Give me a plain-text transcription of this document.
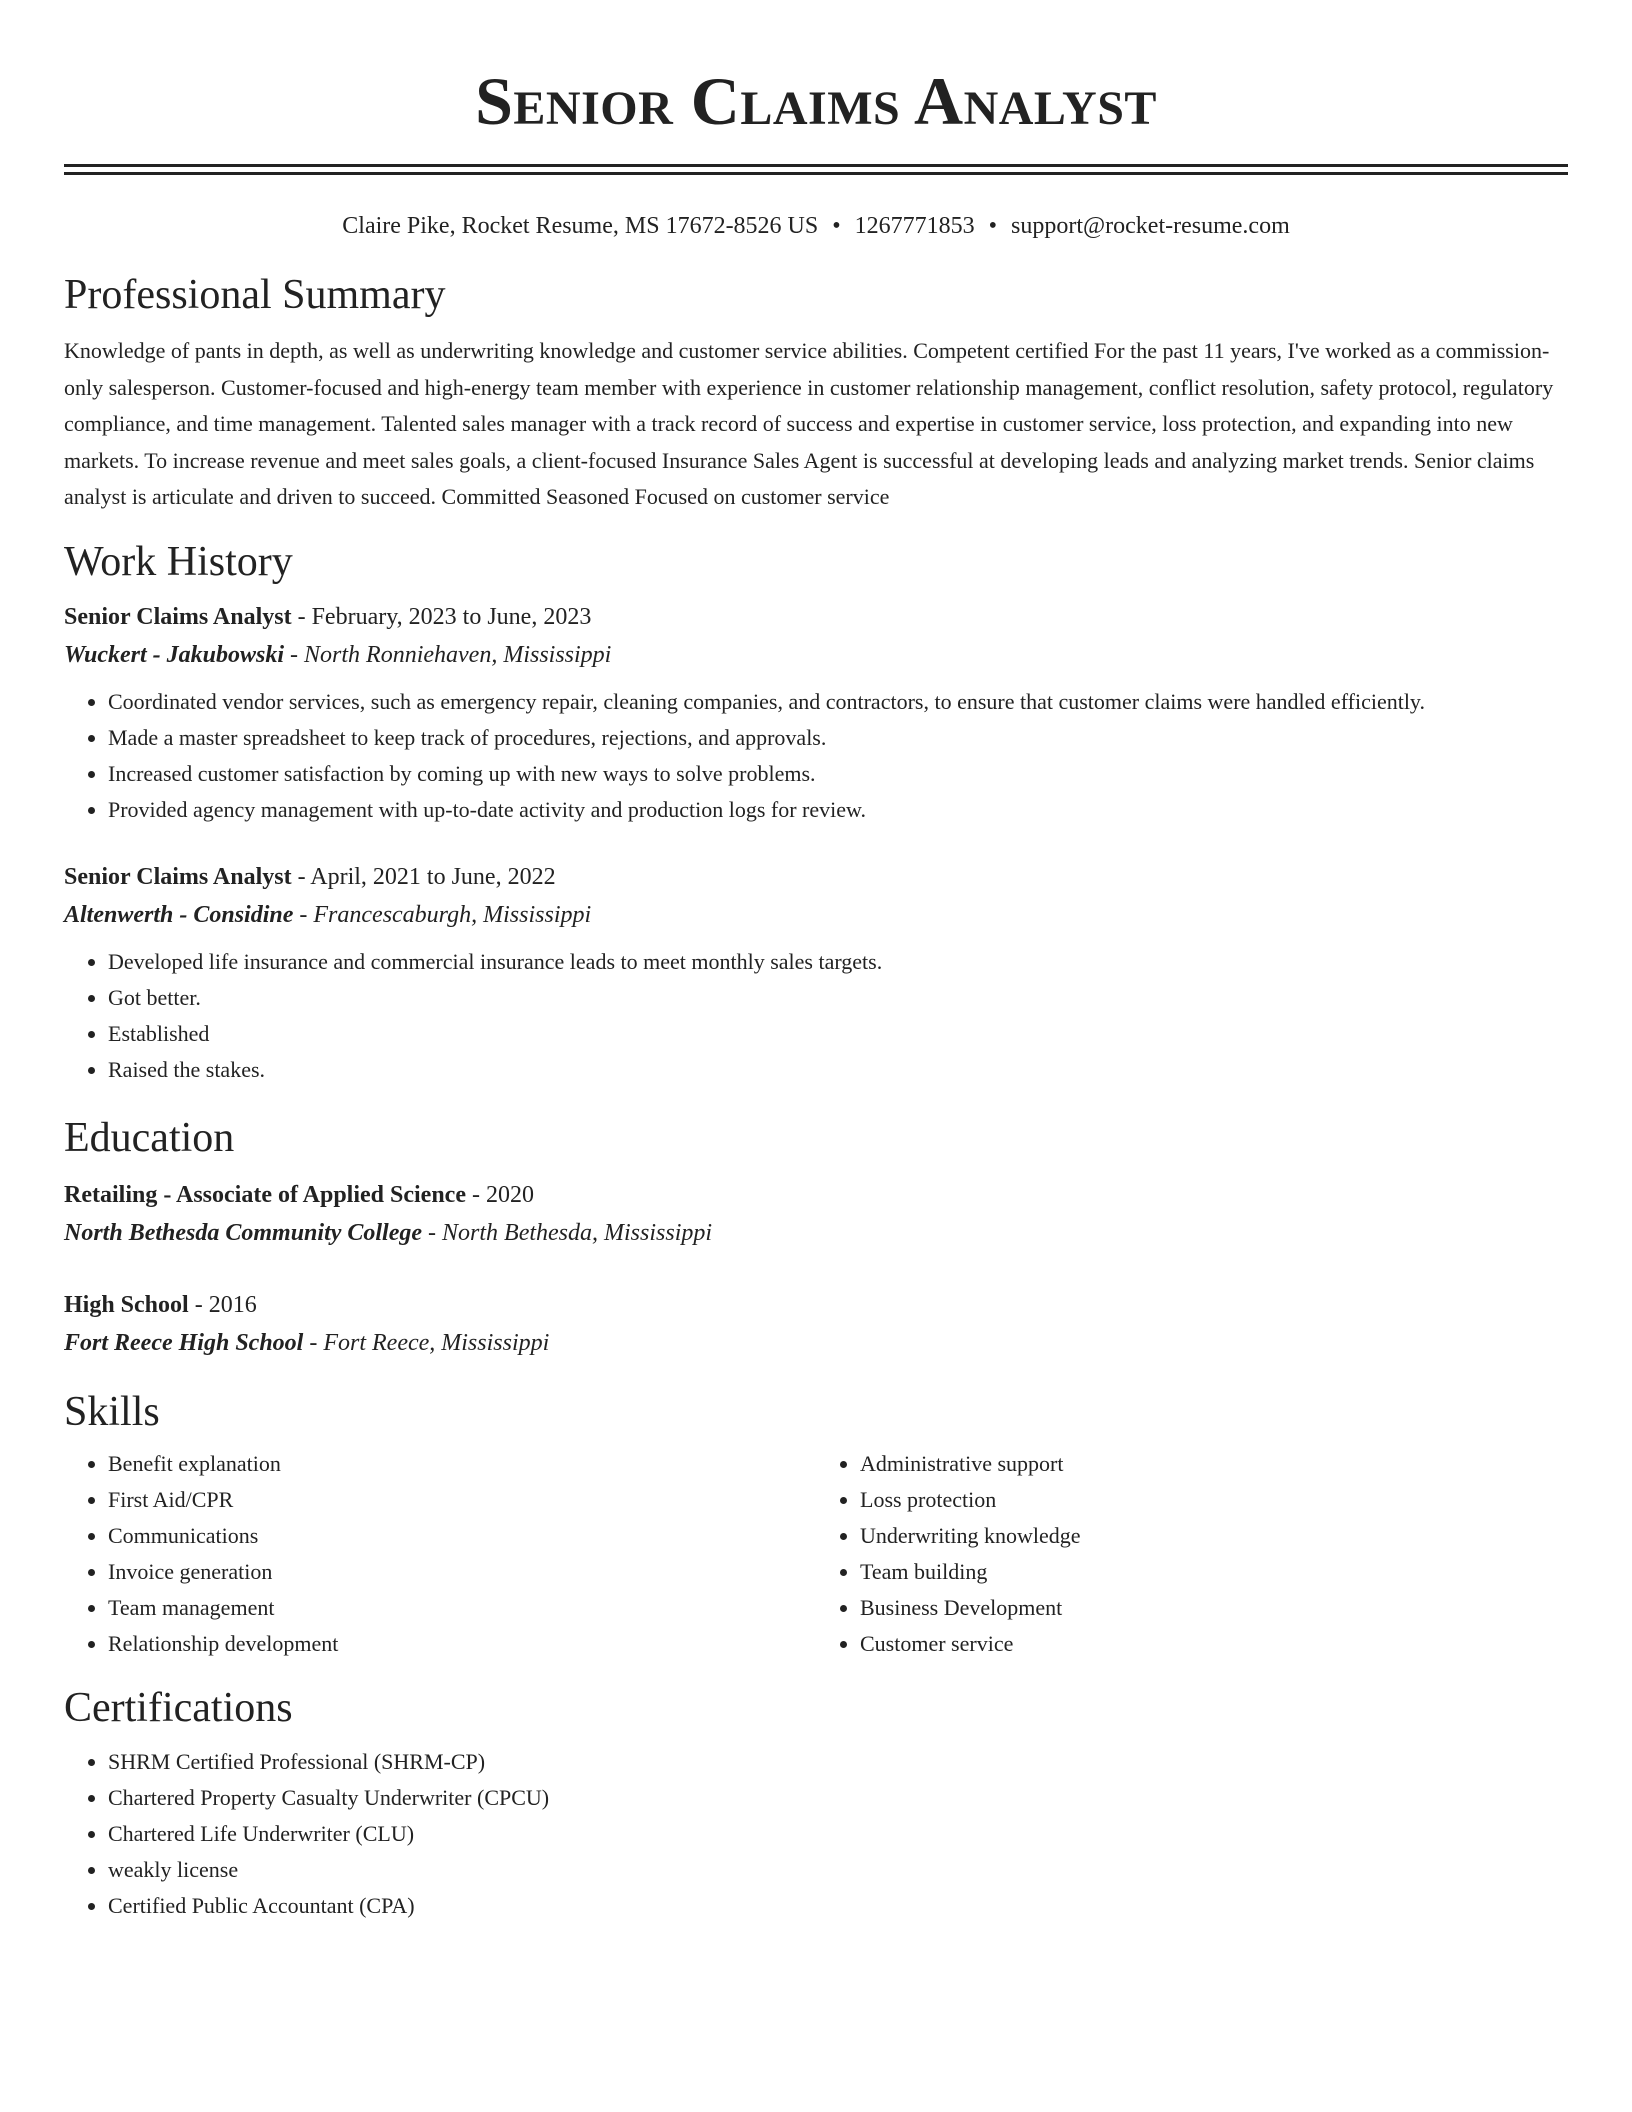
Senior Claims Analyst
Claire Pike, Rocket Resume, MS 17672-8526 US • 1267771853 • support@rocket-resume.com
Professional Summary
Knowledge of pants in depth, as well as underwriting knowledge and customer service abilities. Competent certified For the past 11 years, I've worked as a commission-only salesperson. Customer-focused and high-energy team member with experience in customer relationship management, conflict resolution, safety protocol, regulatory compliance, and time management. Talented sales manager with a track record of success and expertise in customer service, loss protection, and expanding into new markets. To increase revenue and meet sales goals, a client-focused Insurance Sales Agent is successful at developing leads and analyzing market trends. Senior claims analyst is articulate and driven to succeed. Committed Seasoned Focused on customer service
Work History
Senior Claims Analyst - February, 2023 to June, 2023
Wuckert - Jakubowski - North Ronniehaven, Mississippi
• Coordinated vendor services, such as emergency repair, cleaning companies, and contractors, to ensure that customer claims were handled efficiently.
• Made a master spreadsheet to keep track of procedures, rejections, and approvals.
• Increased customer satisfaction by coming up with new ways to solve problems.
• Provided agency management with up-to-date activity and production logs for review.
Senior Claims Analyst - April, 2021 to June, 2022
Altenwerth - Considine - Francescaburgh, Mississippi
• Developed life insurance and commercial insurance leads to meet monthly sales targets.
• Got better.
• Established
• Raised the stakes.
Education
Retailing - Associate of Applied Science - 2020
North Bethesda Community College - North Bethesda, Mississippi
High School - 2016
Fort Reece High School - Fort Reece, Mississippi
Skills
• Benefit explanation
• First Aid/CPR
• Communications
• Invoice generation
• Team management
• Relationship development
• Administrative support
• Loss protection
• Underwriting knowledge
• Team building
• Business Development
• Customer service
Certifications
• SHRM Certified Professional (SHRM-CP)
• Chartered Property Casualty Underwriter (CPCU)
• Chartered Life Underwriter (CLU)
• weakly license
• Certified Public Accountant (CPA)
